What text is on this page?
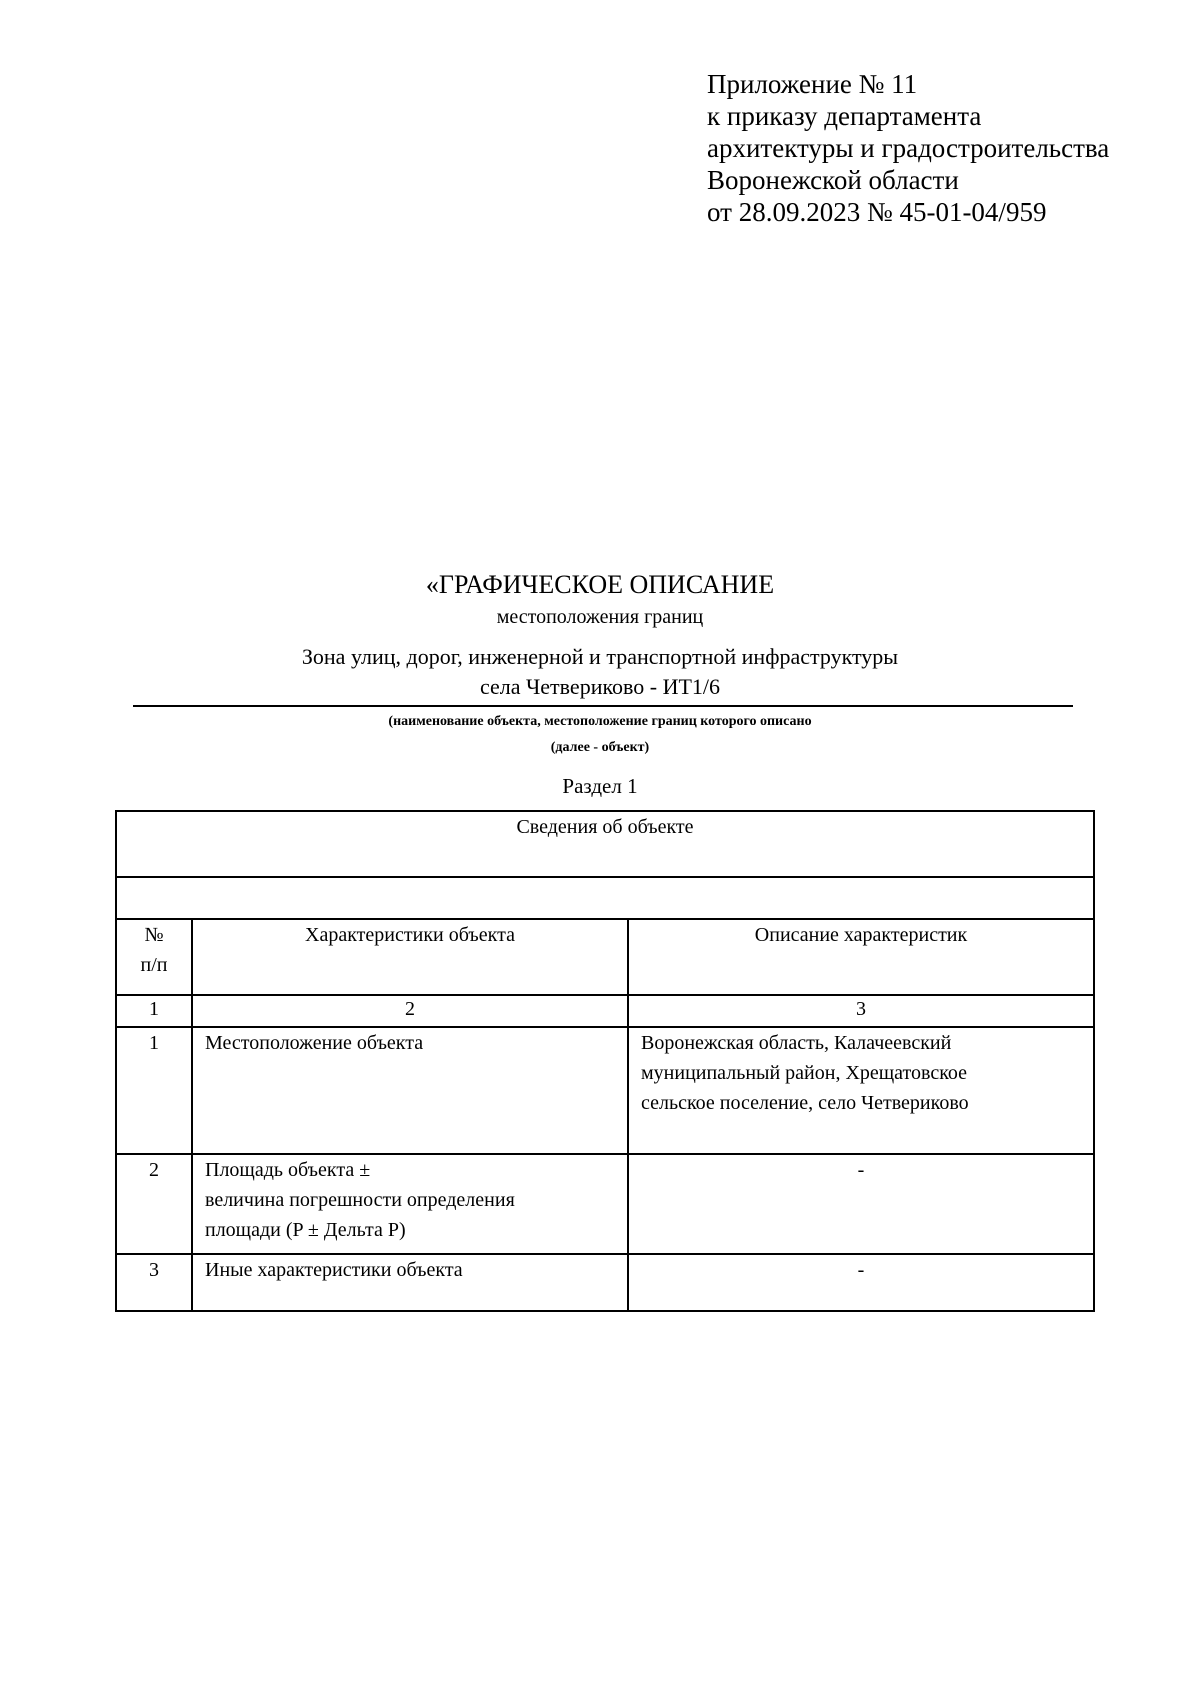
Приложение № 11
к приказу департамента
архитектуры и градостроительства
Воронежской области
от 28.09.2023 № 45-01-04/959
«ГРАФИЧЕСКОЕ ОПИСАНИЕ
местоположения границ
Зона улиц, дорог, инженерной и транспортной инфраструктуры
села Четвериково - ИТ1/6
(наименование объекта, местоположение границ которого описано
(далее - объект)
Раздел 1
Сведения об объекте		

№
п/п	Характеристики объекта	Описание характеристик
1	2	3
1	Местоположение объекта	Воронежская область, Калачеевский
муниципальный район, Хрещатовское
сельское поселение, село Четвериково

2	Площадь объекта ±
величина погрешности определения
площади (P ± Дельта P)	-
3	Иные характеристики объекта	-
